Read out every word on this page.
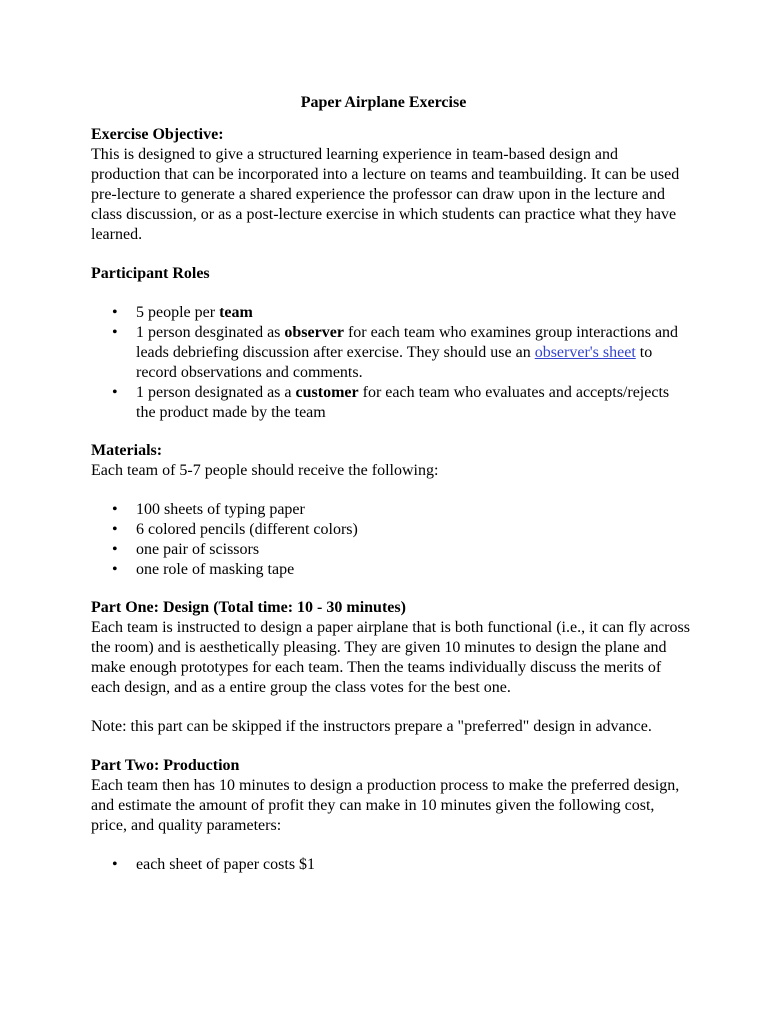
Paper Airplane Exercise
Exercise Objective:
This is designed to give a structured learning experience in team-based design and production that can be incorporated into a lecture on teams and teambuilding. It can be used pre-lecture to generate a shared experience the professor can draw upon in the lecture and class discussion, or as a post-lecture exercise in which students can practice what they have learned.
Participant Roles
• 5 people per team
• 1 person desginated as observer for each team who examines group interactions and leads debriefing discussion after exercise. They should use an observer's sheet to record observations and comments.
• 1 person designated as a customer for each team who evaluates and accepts/rejects the product made by the team
Materials:
Each team of 5-7 people should receive the following:
• 100 sheets of typing paper
• 6 colored pencils (different colors)
• one pair of scissors
• one role of masking tape
Part One: Design (Total time: 10 - 30 minutes)
Each team is instructed to design a paper airplane that is both functional (i.e., it can fly across the room) and is aesthetically pleasing. They are given 10 minutes to design the plane and make enough prototypes for each team. Then the teams individually discuss the merits of each design, and as a entire group the class votes for the best one.
Note: this part can be skipped if the instructors prepare a "preferred" design in advance.
Part Two: Production
Each team then has 10 minutes to design a production process to make the preferred design, and estimate the amount of profit they can make in 10 minutes given the following cost, price, and quality parameters:
• each sheet of paper costs $1
